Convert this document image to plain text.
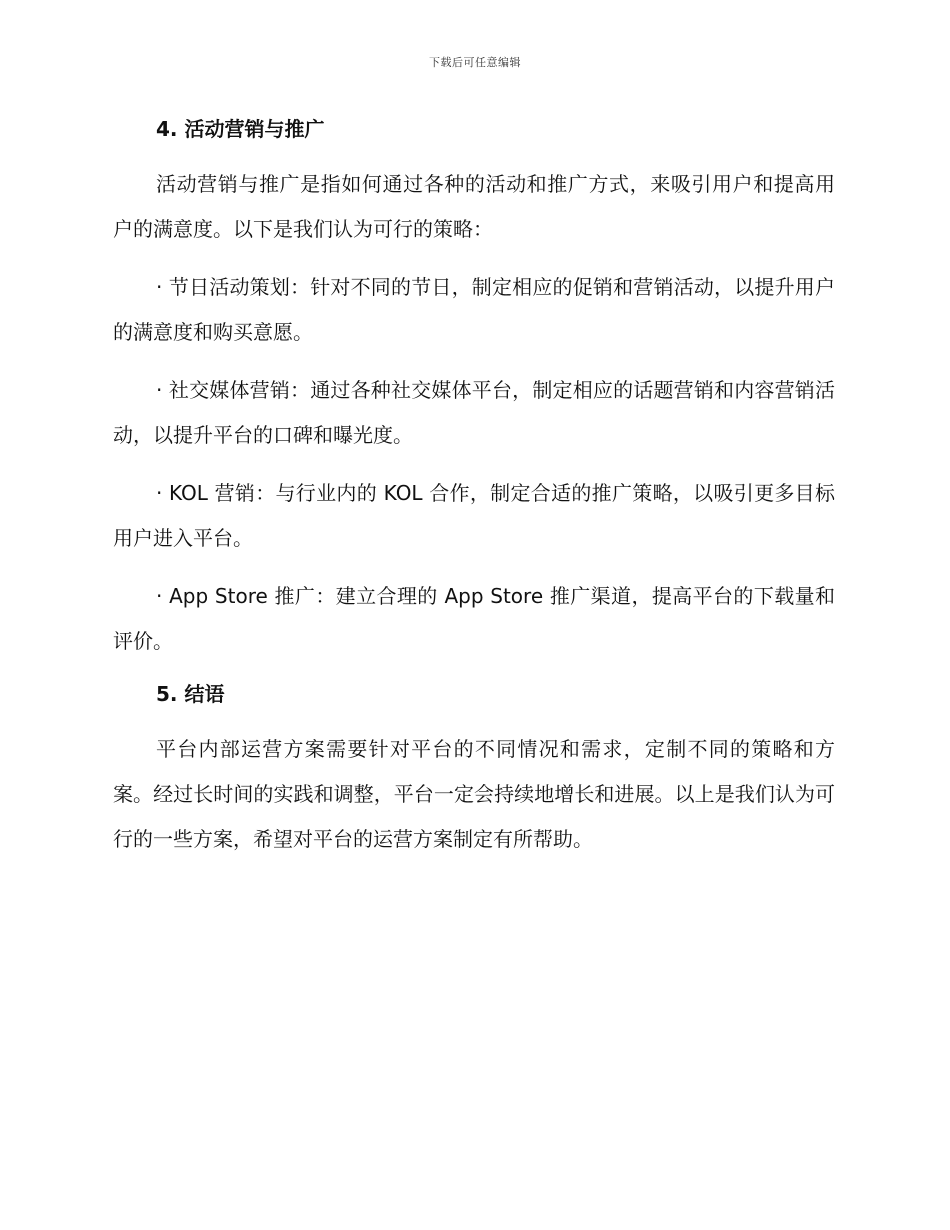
下载后可任意编辑
4. 活动营销与推广

活动营销与推广是指如何通过各种的活动和推广方式，来吸引用户和提高用户的满意度。以下是我们认为可行的策略：

· 节日活动策划：针对不同的节日，制定相应的促销和营销活动，以提升用户的满意度和购买意愿。

· 社交媒体营销：通过各种社交媒体平台，制定相应的话题营销和内容营销活动，以提升平台的口碑和曝光度。

· KOL 营销：与行业内的 KOL 合作，制定合适的推广策略，以吸引更多目标用户进入平台。

· App Store 推广：建立合理的 App Store 推广渠道，提高平台的下载量和评价。

5. 结语

平台内部运营方案需要针对平台的不同情况和需求，定制不同的策略和方案。经过长时间的实践和调整，平台一定会持续地增长和进展。以上是我们认为可行的一些方案，希望对平台的运营方案制定有所帮助。
